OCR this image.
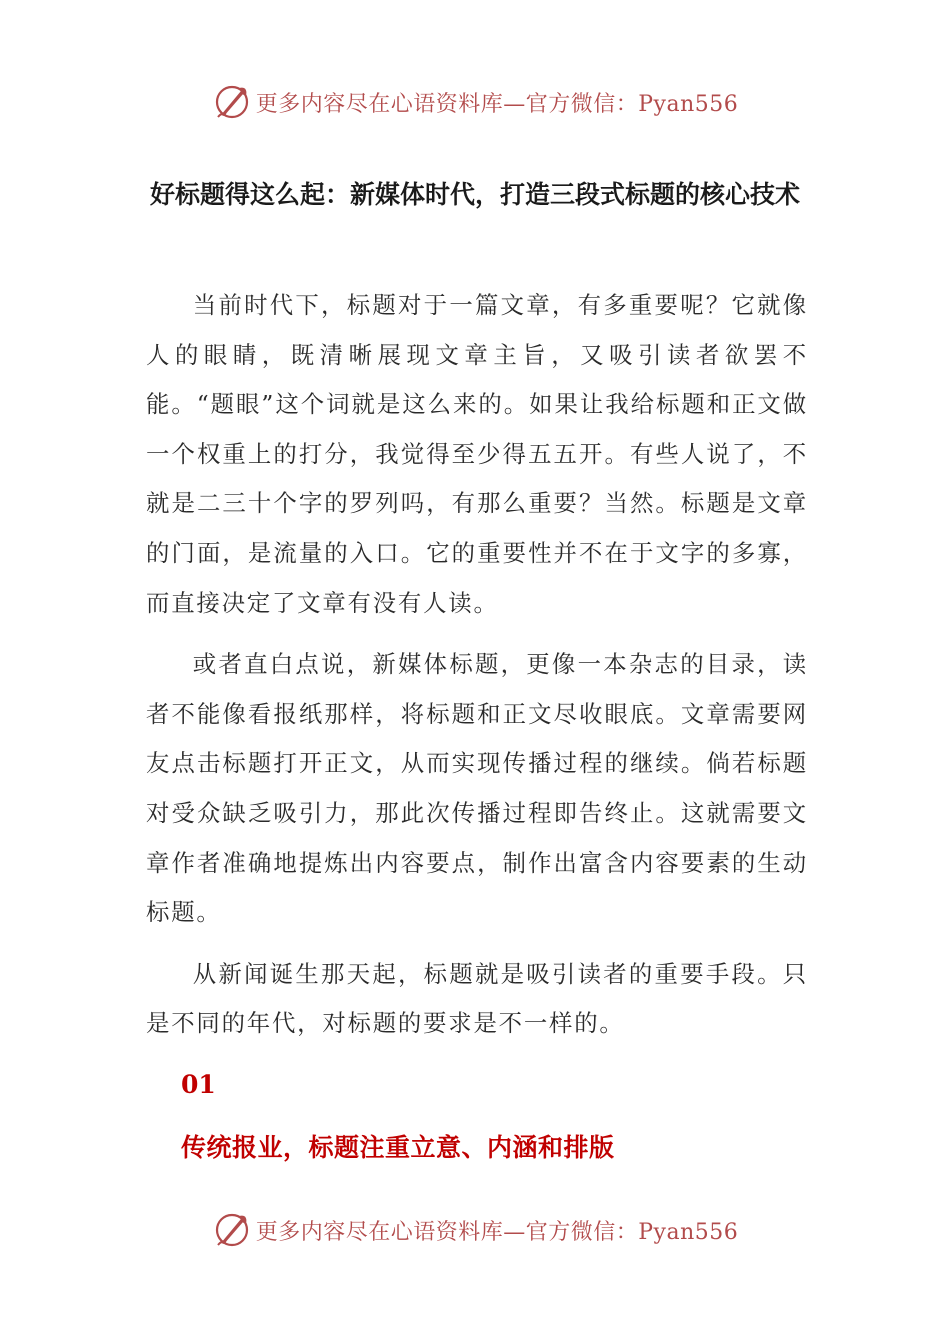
更多内容尽在心语资料库—官方微信：Pyan556
好标题得这么起：新媒体时代，打造三段式标题的核心技术

当前时代下，标题对于一篇文章，有多重要呢？它就像人的眼睛，既清晰展现文章主旨，又吸引读者欲罢不能。“题眼”这个词就是这么来的。如果让我给标题和正文做一个权重上的打分，我觉得至少得五五开。有些人说了，不就是二三十个字的罗列吗，有那么重要？当然。标题是文章的门面，是流量的入口。它的重要性并不在于文字的多寡，而直接决定了文章有没有人读。

或者直白点说，新媒体标题，更像一本杂志的目录，读者不能像看报纸那样，将标题和正文尽收眼底。文章需要网友点击标题打开正文，从而实现传播过程的继续。倘若标题对受众缺乏吸引力，那此次传播过程即告终止。这就需要文章作者准确地提炼出内容要点，制作出富含内容要素的生动标题。

从新闻诞生那天起，标题就是吸引读者的重要手段。只是不同的年代，对标题的要求是不一样的。

01
传统报业，标题注重立意、内涵和排版
更多内容尽在心语资料库—官方微信：Pyan556
